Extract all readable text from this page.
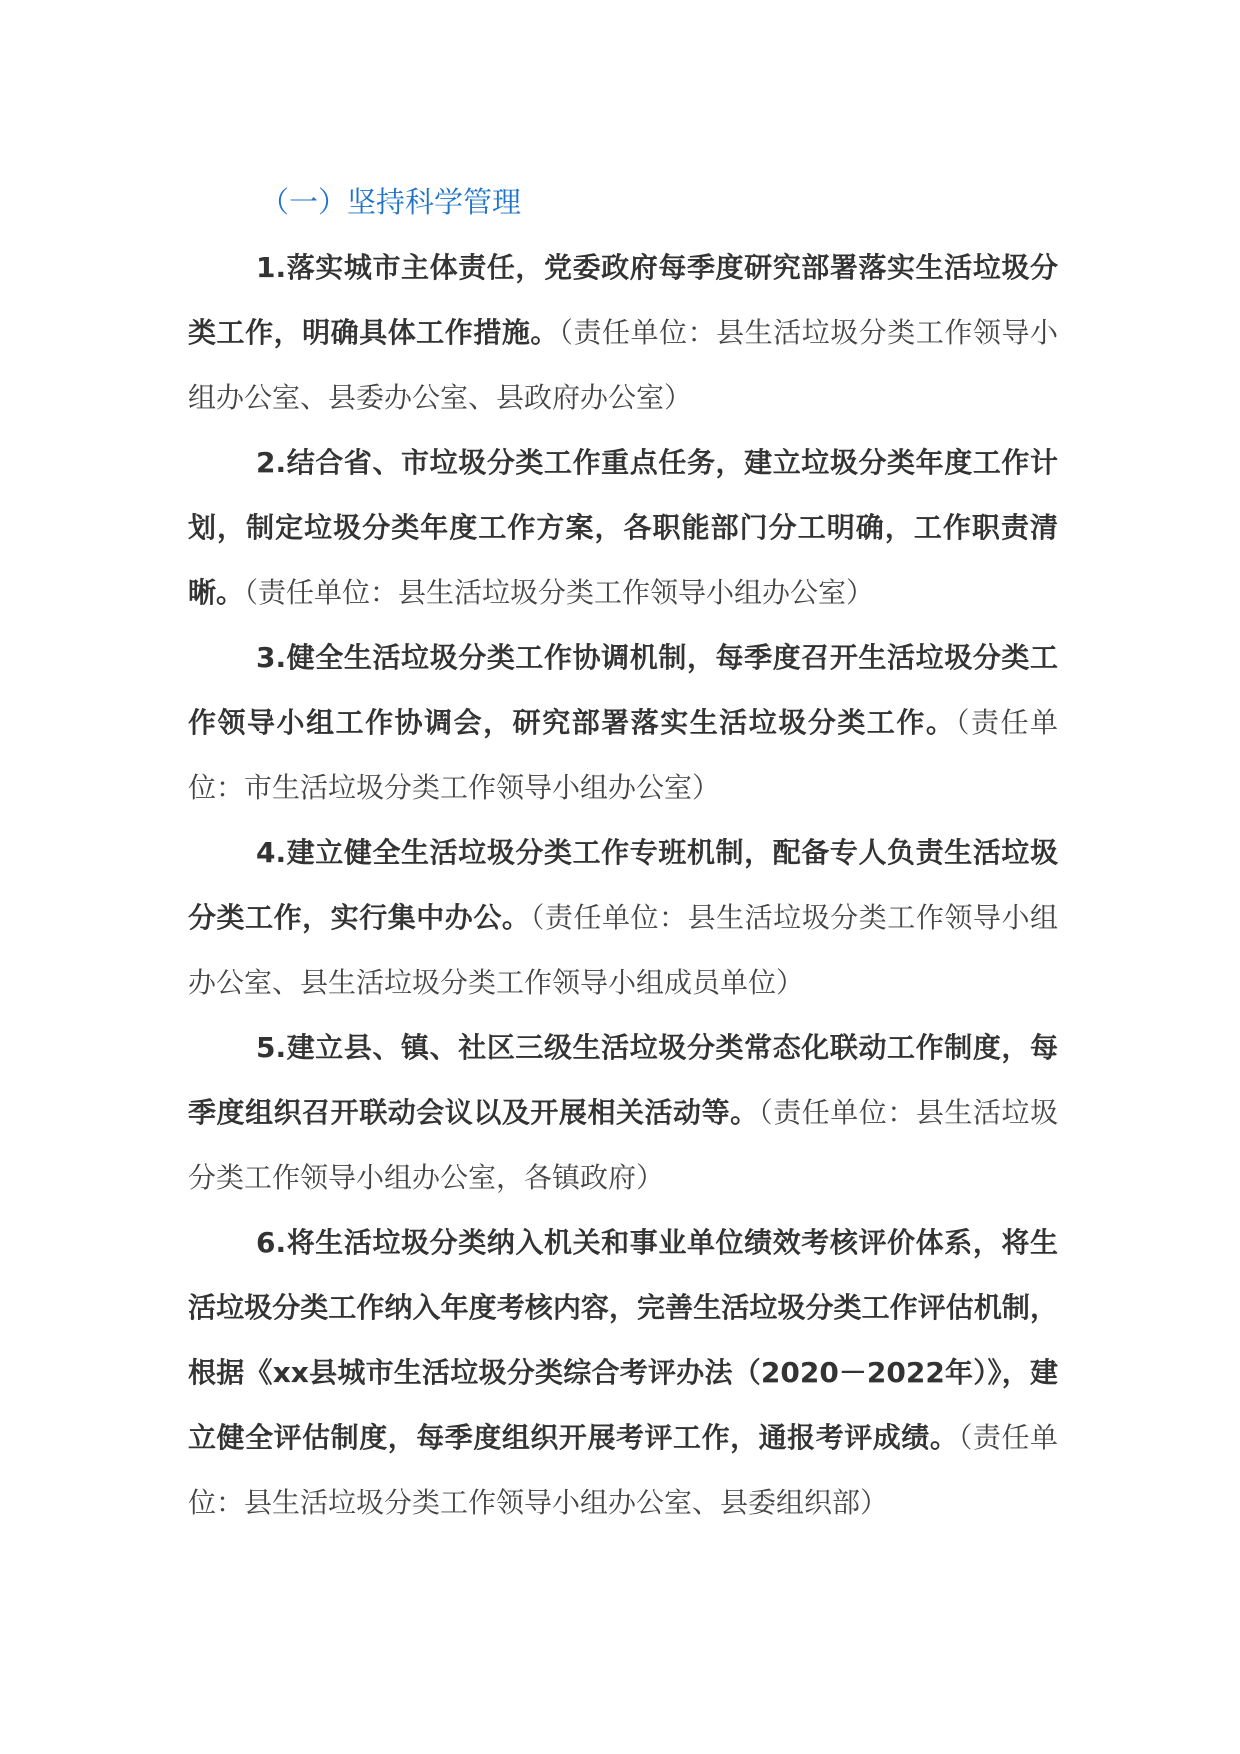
（一）坚持科学管理

1.落实城市主体责任，党委政府每季度研究部署落实生活垃圾分类工作，明确具体工作措施。（责任单位：县生活垃圾分类工作领导小组办公室、县委办公室、县政府办公室）

2.结合省、市垃圾分类工作重点任务，建立垃圾分类年度工作计划，制定垃圾分类年度工作方案，各职能部门分工明确，工作职责清晰。（责任单位：县生活垃圾分类工作领导小组办公室）

3.健全生活垃圾分类工作协调机制，每季度召开生活垃圾分类工作领导小组工作协调会，研究部署落实生活垃圾分类工作。（责任单位：市生活垃圾分类工作领导小组办公室）

4.建立健全生活垃圾分类工作专班机制，配备专人负责生活垃圾分类工作，实行集中办公。（责任单位：县生活垃圾分类工作领导小组办公室、县生活垃圾分类工作领导小组成员单位）

5.建立县、镇、社区三级生活垃圾分类常态化联动工作制度，每季度组织召开联动会议以及开展相关活动等。（责任单位：县生活垃圾分类工作领导小组办公室，各镇政府）

6.将生活垃圾分类纳入机关和事业单位绩效考核评价体系，将生活垃圾分类工作纳入年度考核内容，完善生活垃圾分类工作评估机制，根据《xx县城市生活垃圾分类综合考评办法（2020－2022年）》，建立健全评估制度，每季度组织开展考评工作，通报考评成绩。（责任单位：县生活垃圾分类工作领导小组办公室、县委组织部）
